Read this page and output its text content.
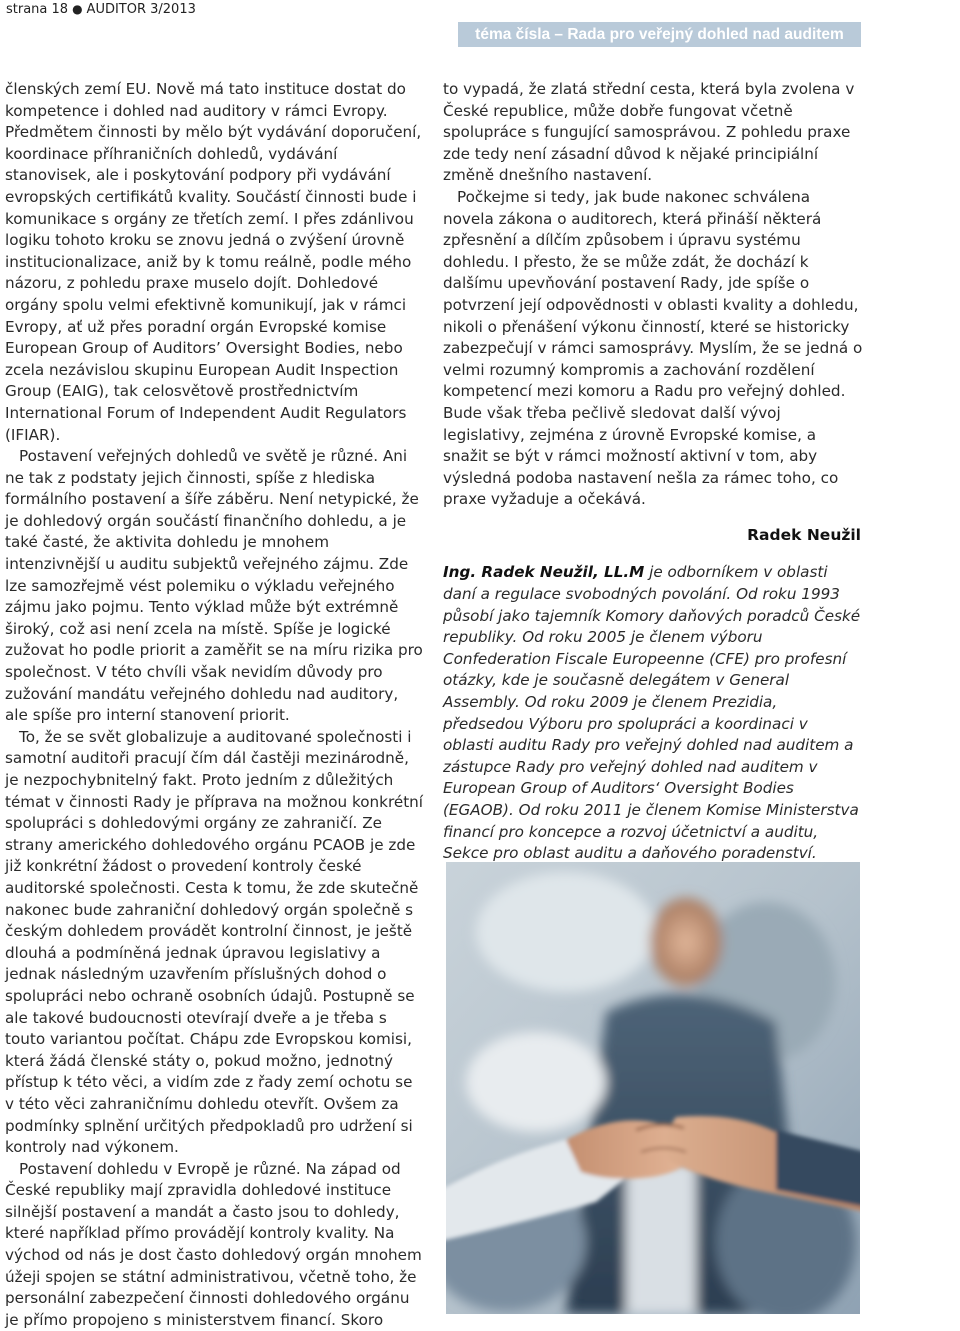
strana 18 ● AUDITOR 3/2013
téma čísla – Rada pro veřejný dohled nad auditem

členských zemí EU. Nově má tato instituce dostat do kompetence i dohled nad auditory v rámci Evropy. Předmětem činnosti by mělo být vydávání doporučení, koordinace příhraničních dohledů, vydávání stanovisek, ale i poskytování podpory při vydávání evropských certifikátů kvality. Součástí činnosti bude i komunikace s orgány ze třetích zemí. I přes zdánlivou logiku tohoto kroku se znovu jedná o zvýšení úrovně institucionalizace, aniž by k tomu reálně, podle mého názoru, z pohledu praxe muselo dojít. Dohledové orgány spolu velmi efektivně komunikují, jak v rámci Evropy, ať už přes poradní orgán Evropské komise European Group of Auditors’ Oversight Bodies, nebo zcela nezávislou skupinu European Audit Inspection Group (EAIG), tak celosvětově prostřednictvím International Forum of Independent Audit Regulators (IFIAR).

Postavení veřejných dohledů ve světě je různé. Ani ne tak z podstaty jejich činnosti, spíše z hlediska formálního postavení a šíře záběru. Není netypické, že je dohledový orgán součástí finančního dohledu, a je také časté, že aktivita dohledu je mnohem intenzivnější u auditu subjektů veřejného zájmu. Zde lze samozřejmě vést polemiku o výkladu veřejného zájmu jako pojmu. Tento výklad může být extrémně široký, což asi není zcela na místě. Spíše je logické zužovat ho podle priorit a zaměřit se na míru rizika pro společnost. V této chvíli však nevidím důvody pro zužování mandátu veřejného dohledu nad auditory, ale spíše pro interní stanovení priorit.

To, že se svět globalizuje a auditované společnosti i samotní auditoři pracují čím dál častěji mezinárodně, je nezpochybnitelný fakt. Proto jedním z důležitých témat v činnosti Rady je příprava na možnou konkrétní spolupráci s dohledovými orgány ze zahraničí. Ze strany amerického dohledového orgánu PCAOB je zde již konkrétní žádost o provedení kontroly české auditorské společnosti. Cesta k tomu, že zde skutečně nakonec bude zahraniční dohledový orgán společně s českým dohledem provádět kontrolní činnost, je ještě dlouhá a podmíněná jednak úpravou legislativy a jednak následným uzavřením příslušných dohod o spolupráci nebo ochraně osobních údajů. Postupně se ale takové budoucnosti otevírají dveře a je třeba s touto variantou počítat. Chápu zde Evropskou komisi, která žádá členské státy o, pokud možno, jednotný přístup k této věci, a vidím zde z řady zemí ochotu se v této věci zahraničnímu dohledu otevřít. Ovšem za podmínky splnění určitých předpokladů pro udržení si kontroly nad výkonem.

Postavení dohledu v Evropě je různé. Na západ od České republiky mají zpravidla dohledové instituce silnější postavení a mandát a často jsou to dohledy, které například přímo provádějí kontroly kvality. Na východ od nás je dost často dohledový orgán mnohem úžeji spojen se státní administrativou, včetně toho, že personální zabezpečení činnosti dohledového orgánu je přímo propojeno s ministerstvem financí. Skoro

to vypadá, že zlatá střední cesta, která byla zvolena v České republice, může dobře fungovat včetně spolupráce s fungující samosprávou. Z pohledu praxe zde tedy není zásadní důvod k nějaké principiální změně dnešního nastavení.

Počkejme si tedy, jak bude nakonec schválena novela zákona o auditorech, která přináší některá zpřesnění a dílčím způsobem i úpravu systému dohledu. I přesto, že se může zdát, že dochází k dalšímu upevňování postavení Rady, jde spíše o potvrzení její odpovědnosti v oblasti kvality a dohledu, nikoli o přenášení výkonu činností, které se historicky zabezpečují v rámci samosprávy. Myslím, že se jedná o velmi rozumný kompromis a zachování rozdělení kompetencí mezi komoru a Radu pro veřejný dohled. Bude však třeba pečlivě sledovat další vývoj legislativy, zejména z úrovně Evropské komise, a snažit se být v rámci možností aktivní v tom, aby výsledná podoba nastavení nešla za rámec toho, co praxe vyžaduje a očekává.

Radek Neužil
Ing. Radek Neužil, LL.M je odborníkem v oblasti daní a regulace svobodných povolání. Od roku 1993 působí jako tajemník Komory daňových poradců České republiky. Od roku 2005 je členem výboru Confederation Fiscale Europeenne (CFE) pro profesní otázky, kde je současně delegátem v General Assembly. Od roku 2009 je členem Prezidia, předsedou Výboru pro spolupráci a koordinaci v oblasti auditu Rady pro veřejný dohled nad auditem a zástupce Rady pro veřejný dohled nad auditem v European Group of Auditors‘ Oversight Bodies (EGAOB). Od roku 2011 je členem Komise Ministerstva financí pro koncepce a rozvoj účetnictví a auditu, Sekce pro oblast auditu a daňového poradenství.
